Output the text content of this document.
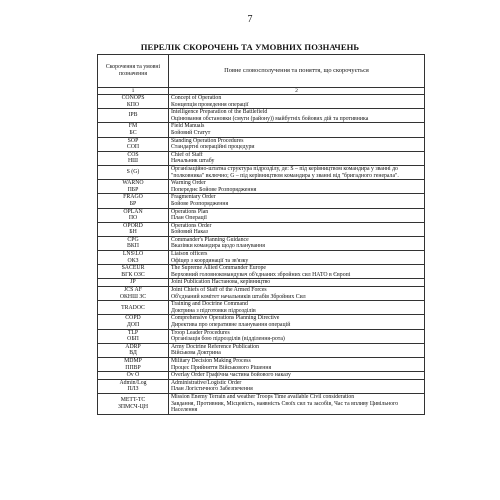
7
ПЕРЕЛІК СКОРОЧЕНЬ ТА УМОВНИХ ПОЗНАЧЕНЬ
Скорочення та умовні позначення	Повне словосполучення та поняття, що скорочується
1	2

CONOPS
КПО	Concept of Operation
Концепція проведення операції

IPB	Intelligence Preparation of the Battlefield
Оцінювання обстановки (смуги (району)) майбутніх бойових дій та противника

FM
БС	Field Manuals
Бойовий Статут

SOP
СОП	Standing Operation Procedures
Стандартні операційні процедури

COS
НШ	Chief of Staff
Начальник штабу

S (G)	Організаційно-штатна структура підрозділу, де: S – під керівництвом командира у званні до "полковника" включно; G – під керівництвом командира у званні від "бригадного генерала".

WARNO
ПБР	Warning Order
Попереднє Бойове Розпорядження

FRAGO
БР	Fragmentary Order
Бойове Розпорядження

OPLAN
ПО	Operations Plan
План Операції

OPORD
БН	Operations Order
Бойовий Наказ

CPG
ВКП	Commander's Planning Guidance
Вказівки командира щодо планування

LNS\LO
ОКЗ	Liaison officers
Офіцер з координації та зв'язку

SACEUR
ВГК ОЗС	The Supreme Allied Commander Europe
Верховний головнокомандувач об'єднаних збройних сил НАТО в Європі

JP	Joint Publication Настанова, керівництво

JCS AF
ОКНШ ЗС	Joint Chiefs of Staff of the Armed Forces
Об'єднаний комітет начальників штабів Збройних Сил

TRADOC	Training and Doctrine Command
Доктрина з підготовки підрозділів

COPD
ДОП	Comprehensive Operations Planning Directive
Директива про оперативне планування операцій

TLP
ОБП	Troop Leader Procedures
Організація бою підрозділів (відділення-рота)

ADRP
ВД	Army Doctrine Reference Publication
Військова Доктрина

MDMP
ППВР	Military Decision Making Process
Процес Прийняття Військового Рішення

Ov O	Overlay Order Графічна частина бойового наказу

Admin/Log
ПЛЗ	Administrative/Logistic Order
План Логістичного Забезпечення

METT-TC
ЗПМСЧ-ЦН	Mission Enemy Terrain and weather Troops Time available Civil consideration
Завдання, Противник, Місцевість, наявність Своїх сил та засобів, Час та впливу Цивільного Населення
